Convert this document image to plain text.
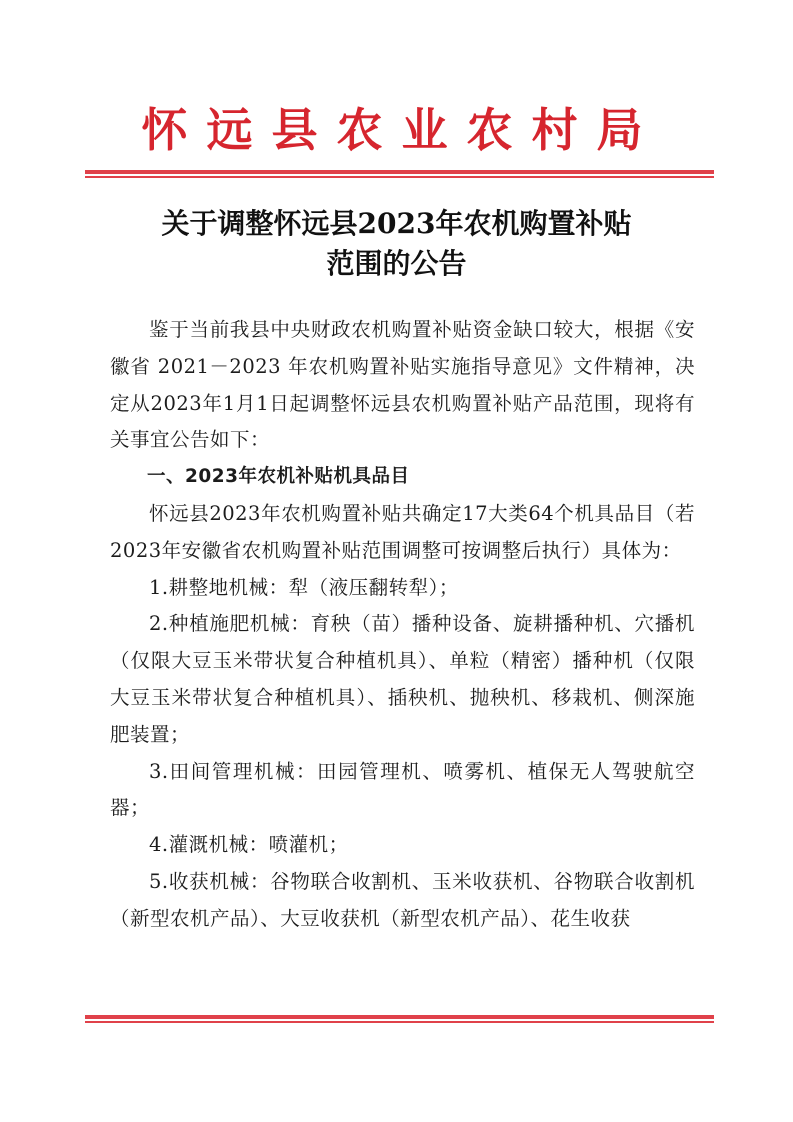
怀远县农业农村局
关于调整怀远县2023年农机购置补贴
范围的公告

鉴于当前我县中央财政农机购置补贴资金缺口较大，根据《安徽省 2021－2023 年农机购置补贴实施指导意见》文件精神，决定从2023年1月1日起调整怀远县农机购置补贴产品范围，现将有关事宜公告如下：

一、2023年农机补贴机具品目

怀远县2023年农机购置补贴共确定17大类64个机具品目（若2023年安徽省农机购置补贴范围调整可按调整后执行）具体为：

1.耕整地机械：犁（液压翻转犁）；

2.种植施肥机械：育秧（苗）播种设备、旋耕播种机、穴播机（仅限大豆玉米带状复合种植机具）、单粒（精密）播种机（仅限大豆玉米带状复合种植机具）、插秧机、抛秧机、移栽机、侧深施肥装置；

3.田间管理机械：田园管理机、喷雾机、植保无人驾驶航空器；

4.灌溉机械：喷灌机；

5.收获机械：谷物联合收割机、玉米收获机、谷物联合收割机（新型农机产品）、大豆收获机（新型农机产品）、花生收获
